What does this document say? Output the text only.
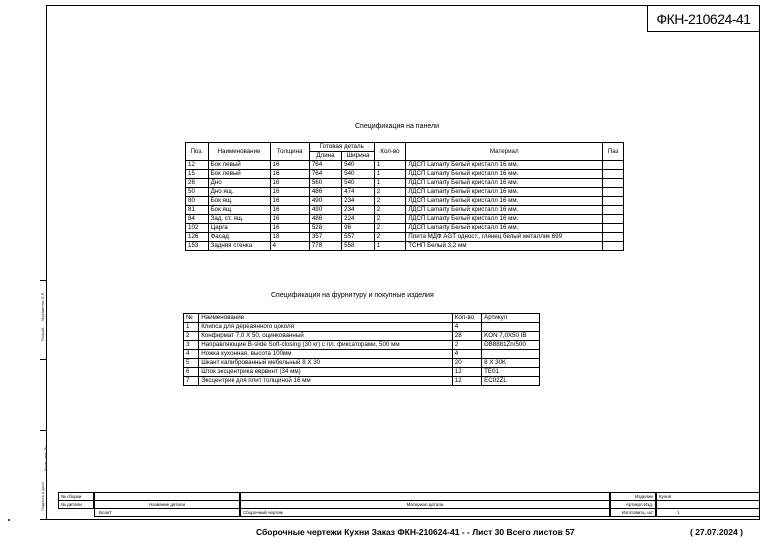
Разраб.
Мухаметов И.Р.
Подпись и дата
Взам. инв. №
ФКН-210624-41
Спецификация на панели
Поз.	Наименование	Толщина	Готовая деталь		Кол-во	Материал	Паз
			Длина	Ширина			
12	Бок левый	16	764	540	1	ЛДСП Lamarty Белый кристалл 16 мм.	
15	Бок левый	16	764	540	1	ЛДСП Lamarty Белый кристалл 16 мм.	
26	Дно	16	560	540	1	ЛДСП Lamarty Белый кристалл 16 мм.	
50	Дно ящ.	16	486	474	2	ЛДСП Lamarty Белый кристалл 16 мм.	
80	Бок ящ.	16	490	234	2	ЛДСП Lamarty Белый кристалл 16 мм.	
81	Бок ящ.	16	490	234	2	ЛДСП Lamarty Белый кристалл 16 мм.	
84	Зад. ст. ящ.	16	486	224	2	ЛДСП Lamarty Белый кристалл 16 мм.	
102	Царга	16	528	96	2	ЛДСП Lamarty Белый кристалл 16 мм.	
126	Фасад	18	357	557	2	Плита МДФ AGT одност., глянец белый металлик 699	
153	Задняя стенка	4	778	558	1	ТСНП Белый 3,2 мм	
Спецификация на фурнитуру и покупные изделия
№	Наименование	Кол-во	Артикул
1	Клипса для дереаянного цоколя	4	
2	Конфирмат 7,0 X 50, оцинкованный	28	KON 7,0X50 IB
3	Направляющие B-slide Soft-closing (30 кг) с пл. фиксаторами, 500 мм	2	DB8881Zn/500
4	Ножка кухонная, высота 100мм	4	
5	Шкант калиброванный мебельный 8 X 30	20	8 X 30K
6	Шток эксцентрика еврвинт (34 мм)	12	TE01
7	Эксцентрик для плит толщиной 16 мм	12	EC02ZL
№ сборки
№ детали	Название детали
Блок7
Материал детали
Сборочный чертеж
Изделие	Кухня
Артикул Изд.
Изготовить, шт	1
Сборочные чертежи Кухни Заказ ФКН-210624-41 - - Лист 30 Всего листов 57	( 27.07.2024 )
